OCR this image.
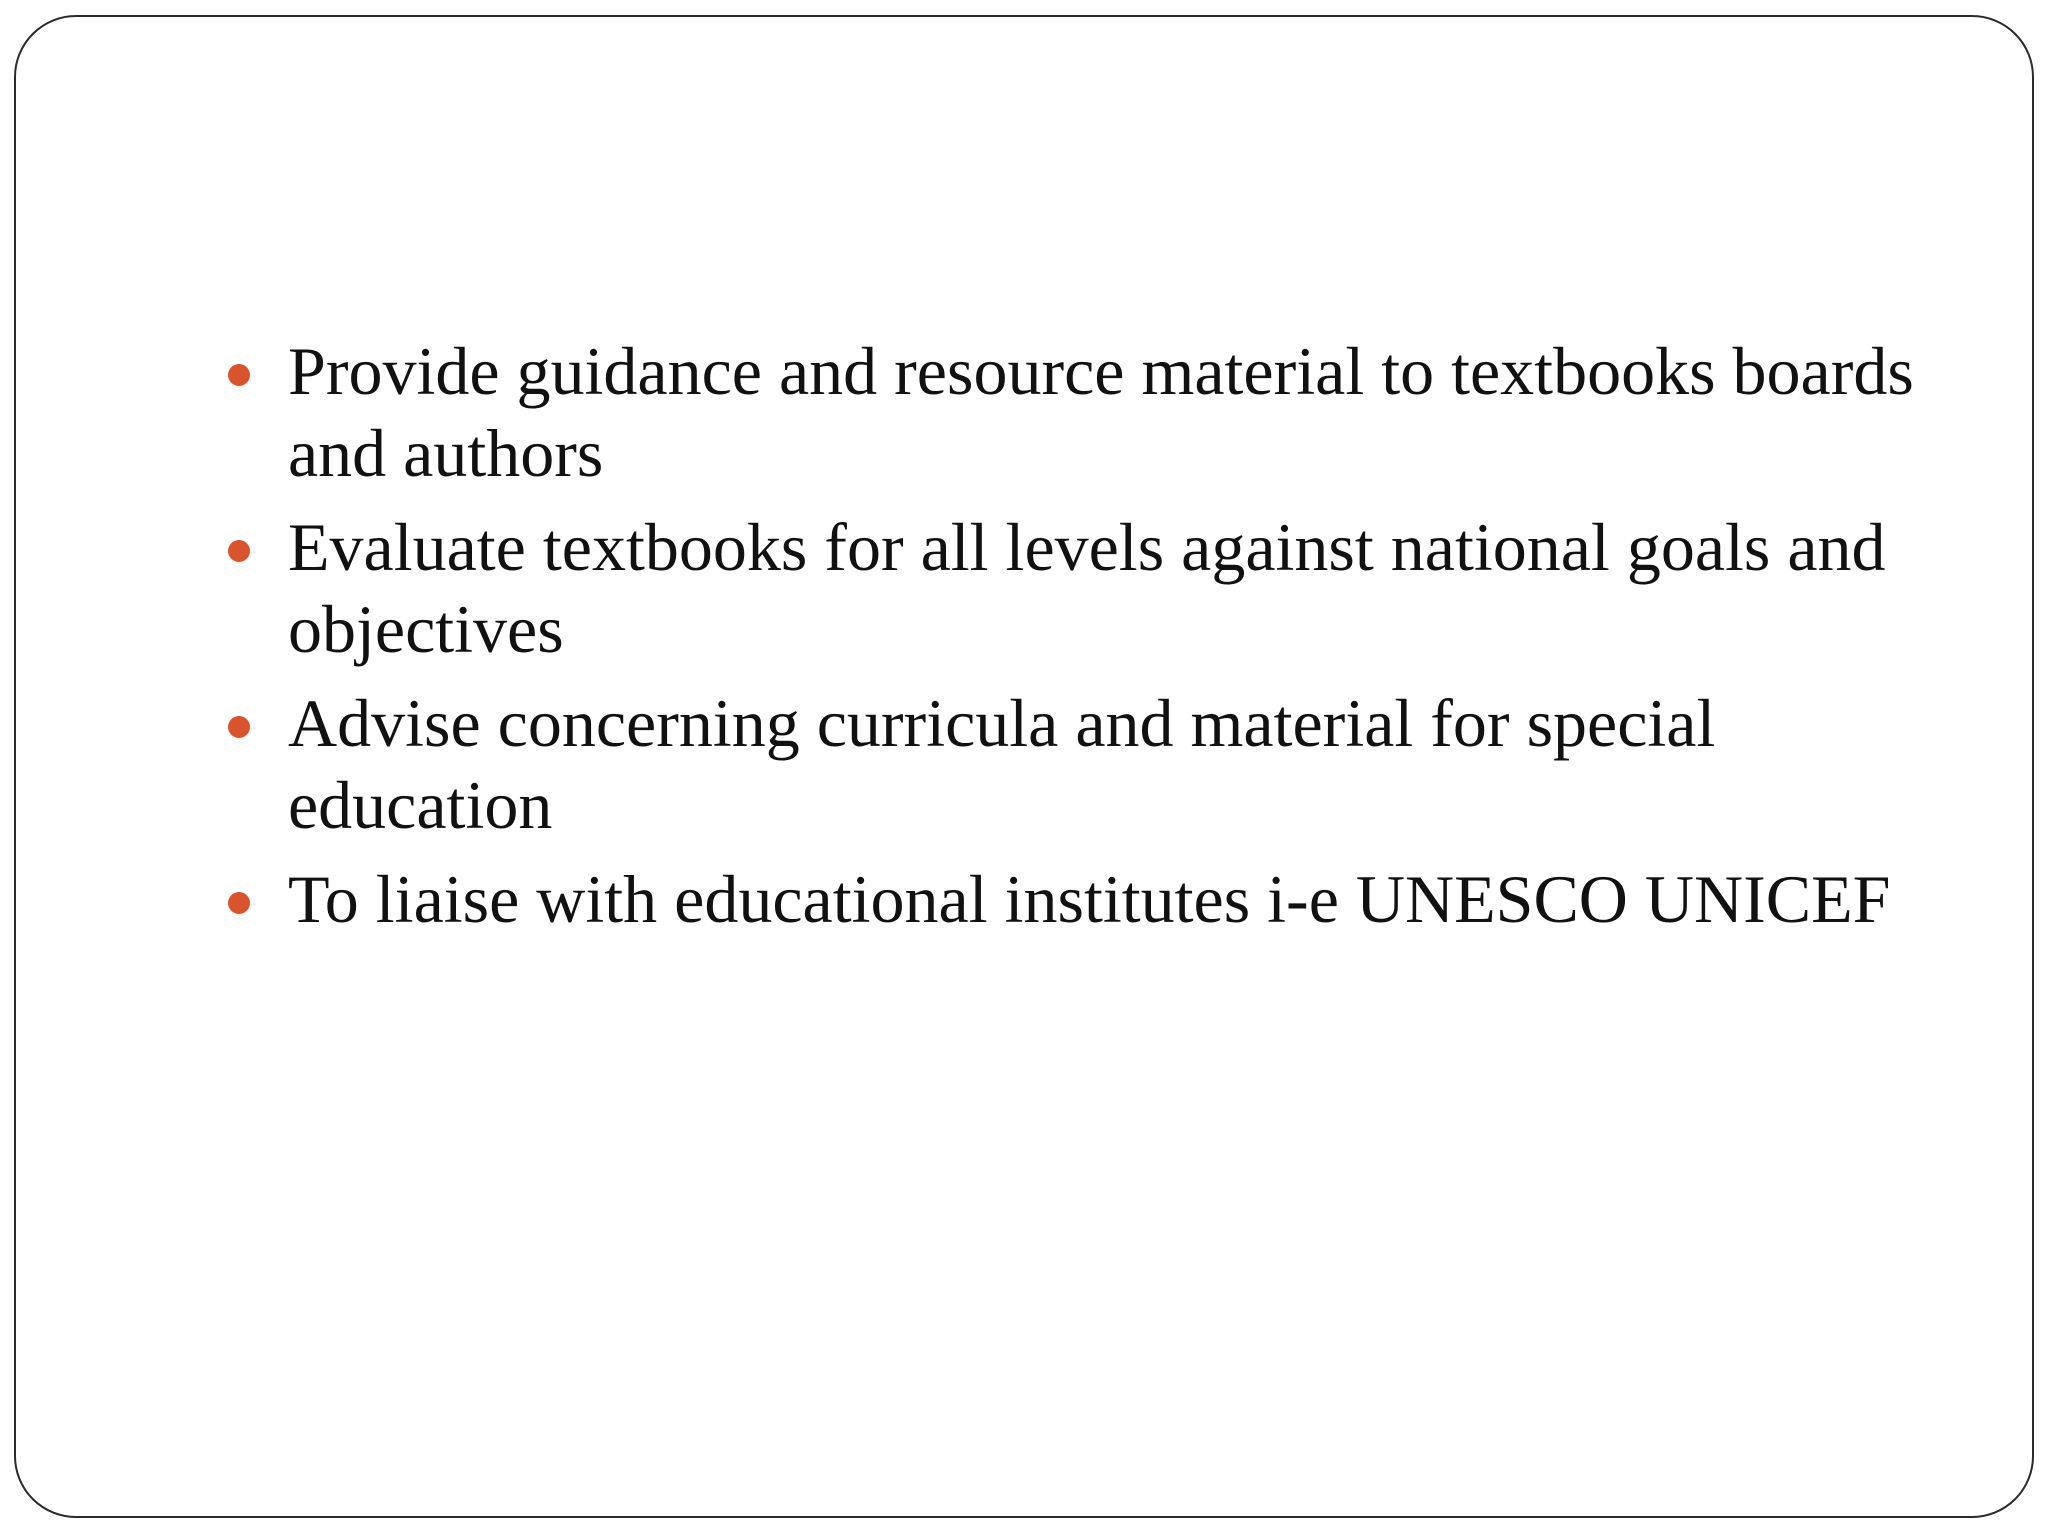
Provide guidance and resource material to textbooks boards and authors
Evaluate textbooks for all levels against national goals and objectives
Advise concerning curricula and material for special education
To liaise with educational institutes i-e UNESCO UNICEF
